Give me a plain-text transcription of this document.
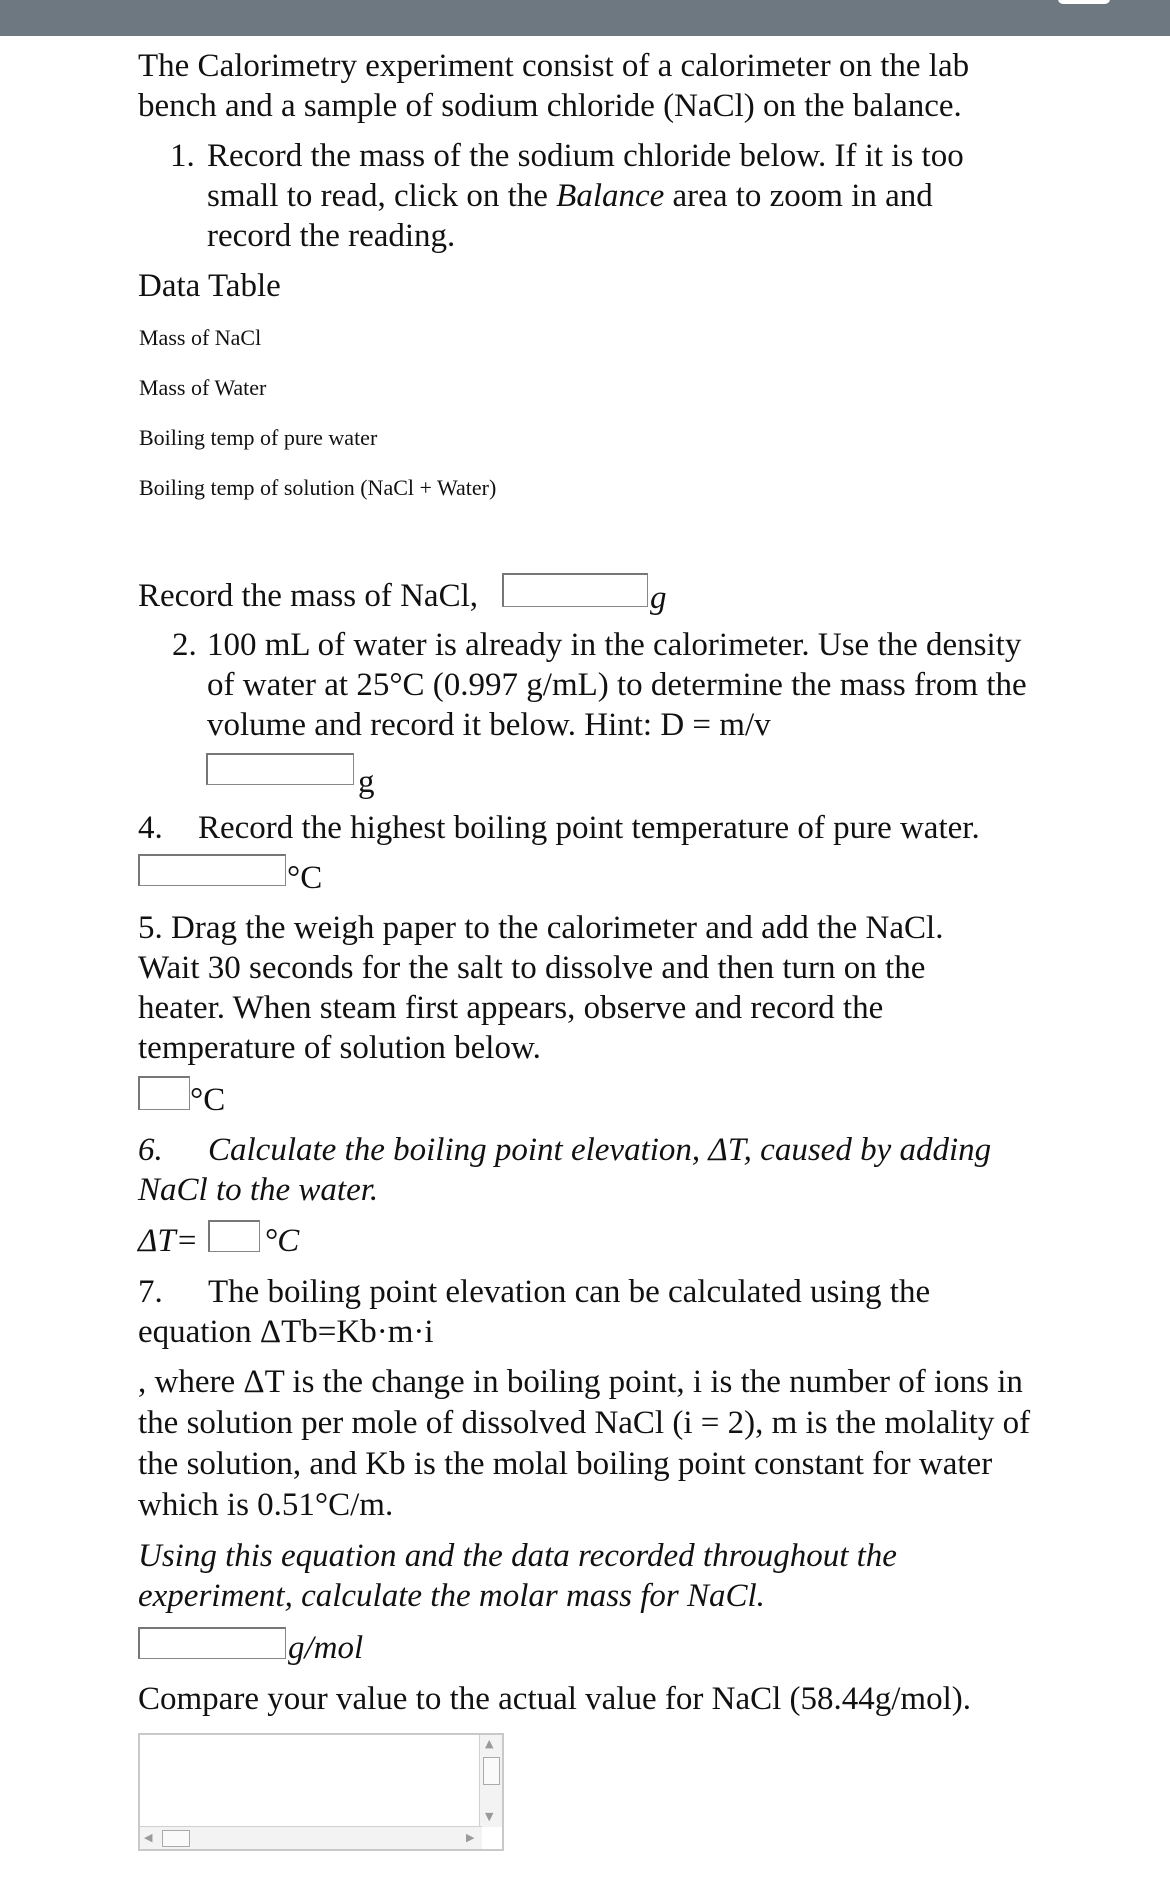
The Calorimetry experiment consist of a calorimeter on the lab bench and a sample of sodium chloride (NaCl) on the balance.
1. Record the mass of the sodium chloride below. If it is too small to read, click on the Balance area to zoom in and record the reading.
Data Table
Mass of NaCl
Mass of Water
Boiling temp of pure water
Boiling temp of solution (NaCl + Water)
Record the mass of NaCl,	g
2. 100 mL of water is already in the calorimeter. Use the density of water at 25°C (0.997 g/mL) to determine the mass from the volume and record it below. Hint: D = m/v
g
4. Record the highest boiling point temperature of pure water.
°C
5. Drag the weigh paper to the calorimeter and add the NaCl. Wait 30 seconds for the salt to dissolve and then turn on the heater. When steam first appears, observe and record the temperature of solution below.
°C
6.	Calculate the boiling point elevation, ΔT, caused by adding NaCl to the water.
ΔT= °C
7.	The boiling point elevation can be calculated using the equation ΔTb=Kb·m·i
, where ΔT is the change in boiling point, i is the number of ions in the solution per mole of dissolved NaCl (i = 2), m is the molality of the solution, and Kb is the molal boiling point constant for water which is 0.51°C/m.
Using this equation and the data recorded throughout the experiment, calculate the molar mass for NaCl.
g/mol
Compare your value to the actual value for NaCl (58.44g/mol).
▲
▼
◀	▶
